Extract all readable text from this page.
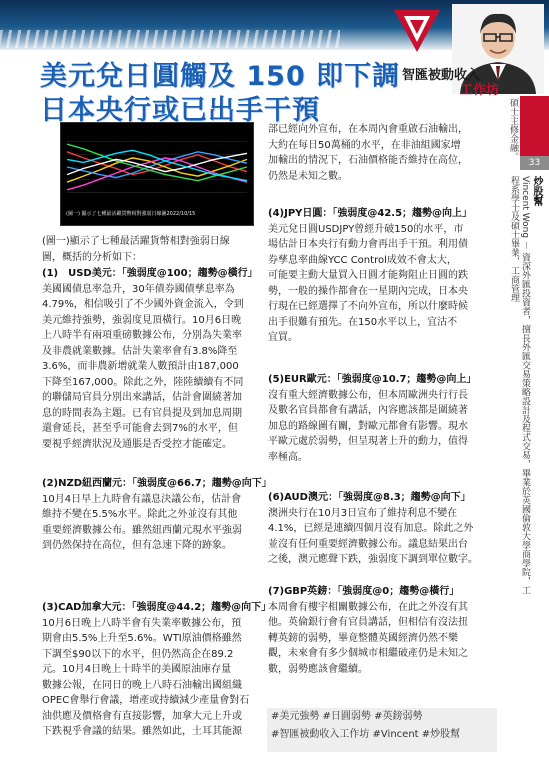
美元兌日圓觸及 150 即下調
日本央行或已出手干預
智匯被動收入
工作坊
33
炒股幫
碩士主修金融。
Vincent Wong － 資深外匯投資者，擅長外匯交易策略設計及程式交易，畢業於英國倫敦大學商學院，工程系學士及碩士畢業，工商管理
(圖一) 顯示了七種最活躍貨幣相對強弱日線圖2022/10/15

(圖一)顯示了七種最活躍貨幣相對強弱日線

圖，概括的分析如下：

(1)　USD美元：「強弱度@100；趨勢@橫行」

美國國債息率急升，30年債券國債孳息率為

4.79%，相信吸引了不少國外資金流入，令到

美元維持強勢，強弱度見頂橫行。10月6日晚

上八時半有兩項重磅數據公布，分別為失業率

及非農就業數據。估計失業率會有3.8%降至

3.6%，而非農新增就業人數預計由187,000

下降至167,000。除此之外，陸陸續續有不同

的聯儲局官員分別出來講話，估計會圍繞著加

息的時間表為主題。已有官員提及到加息周期

還會延長，甚至乎可能會去到7%的水平，但

要視乎經濟狀況及通脹是否受控才能確定。

(2)NZD紐西蘭元：「強弱度@66.7；趨勢@向下」

10月4日早上九時會有議息決議公布，估計會

維持不變在5.5%水平。除此之外並沒有其他

重要經濟數據公布。雖然紐西蘭元現水平強弱

到仍然保持在高位，但有急速下降的跡象。

(3)CAD加拿大元：「強弱度@44.2；趨勢@向下」

10月6日晚上八時半會有失業率數據公布，預

期會由5.5%上升至5.6%。WTI原油價格雖然

下調至$90以下的水平，但仍然高企在89.2

元。10月4日晚上十時半的美國原油庫存量

數據公報，在同日的晚上八時石油輸出國組織

OPEC會舉行會議，增產或持續減少產量會對石

油供應及價格會有直接影響，加拿大元上升或

下跌視乎會議的結果。雖然如此，土耳其能源

部已經向外宣布，在本周內會重啟石油輸出，

大約在每日50萬桶的水平，在非油組國家增

加輸出的情況下，石油價格能否維持在高位，

仍然是未知之數。

(4)JPY日圓：「強弱度@42.5；趨勢@向上」

美元兌日圓USDJPY曾經升破150的水平，市

場估計日本央行有動力會再出手干預。利用債

券孳息率曲線YCC Control成效不會太大，

可能要主動大量買入日圓才能夠阻止日圓的跌

勢，一般的操作都會在一星期內完成，日本央

行現在已經選擇了不向外宣布，所以什麼時候

出手很難有預先。在150水平以上，宜沽不

宜買。

(5)EUR歐元：「強弱度@10.7；趨勢@向上」

沒有重大經濟數據公布，但本周歐洲央行行長

及數名官員都會有講話，內容應該都是圍繞著

加息的路線圖有關，對歐元都會有影響。現水

平歐元處於弱勢，但呈現著上升的動力，值得

率極高。

(6)AUD澳元：「強弱度@8.3；趨勢@向下」

澳洲央行在10月3日宣布了維持利息不變在

4.1%，已經是連續四個月沒有加息。除此之外

並沒有任何重要經濟數據公布。議息結果出台

之後，澳元應聲下跌，強弱度下調到單位數字。

(7)GBP英鎊：「強弱度@0；趨勢@橫行」

本周會有樓宇相關數據公布，在此之外沒有其

他。英倫銀行會有官員講話，但相信有沒法扭

轉英鎊的弱勢，畢竟整體英國經濟仍然不樂

觀，未來會有多少個城市相繼破產仍是未知之

數，弱勢應該會繼續。

#美元強勢 #日圓弱勢 #英鎊弱勢

#智匯被動收入工作坊 #Vincent #炒股幫
